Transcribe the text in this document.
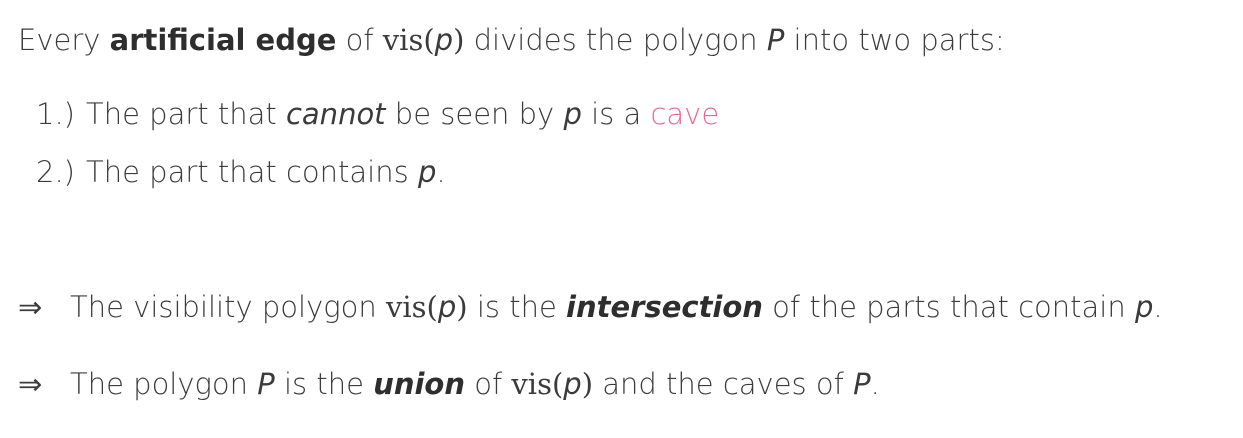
Every artificial edge of vis(p) divides the polygon P into two parts:
1.) The part that cannot be seen by p is a cave
2.) The part that contains p.
⇒ The visibility polygon vis(p) is the intersection of the parts that contain p.
⇒ The polygon P is the union of vis(p) and the caves of P.
